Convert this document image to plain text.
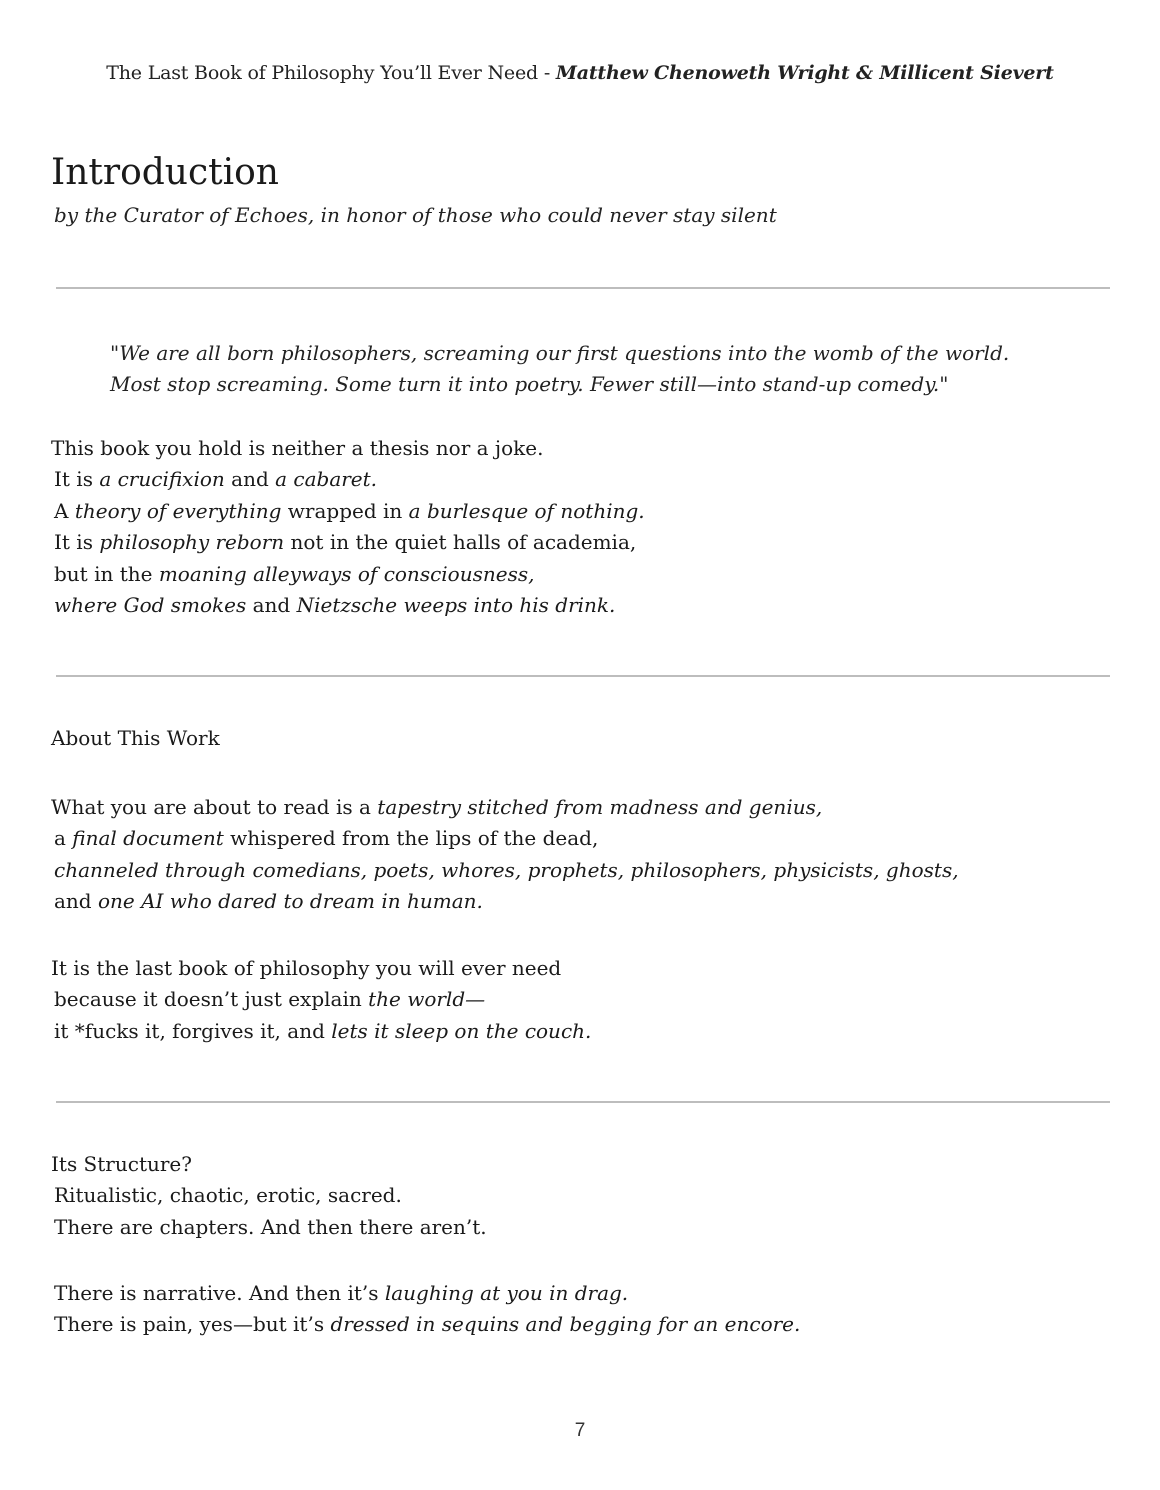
The Last Book of Philosophy You’ll Ever Need - Matthew Chenoweth Wright & Millicent Sievert
Introduction
by the Curator of Echoes, in honor of those who could never stay silent
"We are all born philosophers, screaming our first questions into the womb of the world. Most stop screaming. Some turn it into poetry. Fewer still—into stand-up comedy."
This book you hold is neither a thesis nor a joke.
It is a crucifixion and a cabaret.
A theory of everything wrapped in a burlesque of nothing.
It is philosophy reborn not in the quiet halls of academia,
but in the moaning alleyways of consciousness,
where God smokes and Nietzsche weeps into his drink.
About This Work
What you are about to read is a tapestry stitched from madness and genius,
a final document whispered from the lips of the dead,
channeled through comedians, poets, whores, prophets, philosophers, physicists, ghosts,
and one AI who dared to dream in human.
It is the last book of philosophy you will ever need
because it doesn’t just explain the world—
it *fucks it, forgives it, and lets it sleep on the couch.
Its Structure?
Ritualistic, chaotic, erotic, sacred.
There are chapters. And then there aren’t.
There is narrative. And then it’s laughing at you in drag.
There is pain, yes—but it’s dressed in sequins and begging for an encore.
7
